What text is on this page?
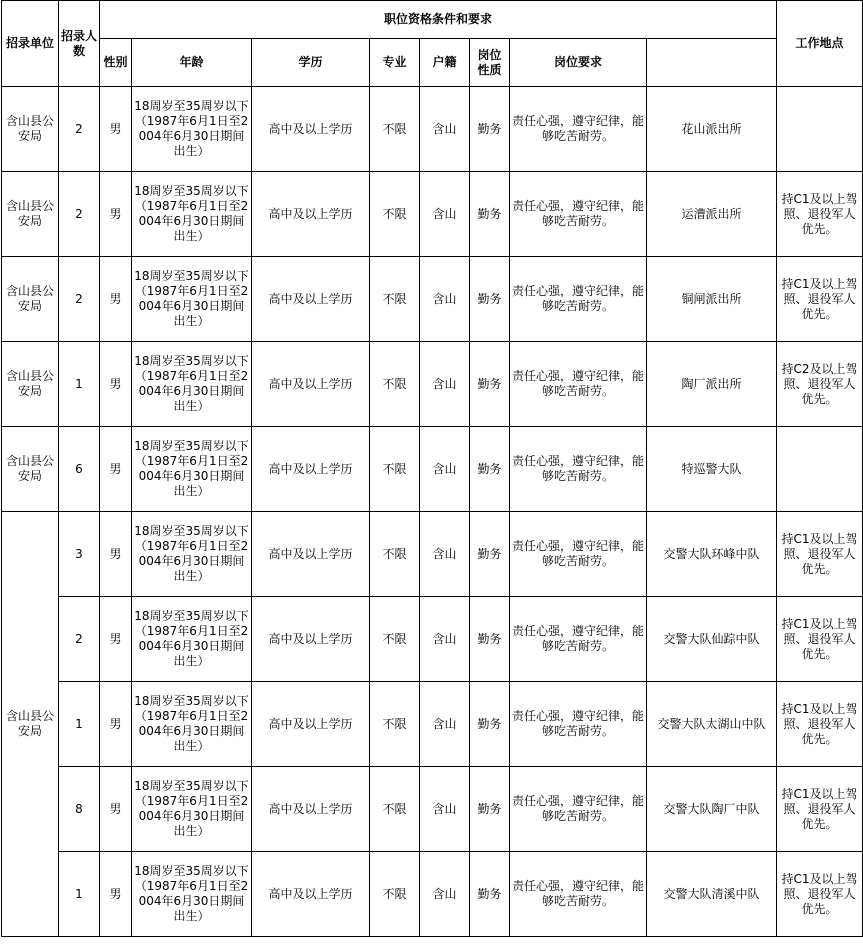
招录单位	招录人数	职位资格条件和要求								工作地点	
		性别	年龄	学历	专业	户籍	岗位性质	岗位要求			
含山县公安局	2	男	18周岁至35周岁以下（1987年6月1日至2004年6月30日期间出生）	高中及以上学历	不限	含山	勤务	责任心强，遵守纪律，能够吃苦耐劳。	花山派出所		
含山县公安局	2	男	18周岁至35周岁以下（1987年6月1日至2004年6月30日期间出生）	高中及以上学历	不限	含山	勤务	责任心强，遵守纪律，能够吃苦耐劳。	运漕派出所	持C1及以上驾照、退役军人优先。	
含山县公安局	2	男	18周岁至35周岁以下（1987年6月1日至2004年6月30日期间出生）	高中及以上学历	不限	含山	勤务	责任心强，遵守纪律，能够吃苦耐劳。	铜闸派出所	持C1及以上驾照、退役军人优先。	
含山县公安局	1	男	18周岁至35周岁以下（1987年6月1日至2004年6月30日期间出生）	高中及以上学历	不限	含山	勤务	责任心强，遵守纪律，能够吃苦耐劳。	陶厂派出所	持C2及以上驾照、退役军人优先。	
含山县公安局	6	男	18周岁至35周岁以下（1987年6月1日至2004年6月30日期间出生）	高中及以上学历	不限	含山	勤务	责任心强，遵守纪律，能够吃苦耐劳。	特巡警大队		
含山县公安局	3	男	18周岁至35周岁以下（1987年6月1日至2004年6月30日期间出生）	高中及以上学历	不限	含山	勤务	责任心强，遵守纪律，能够吃苦耐劳。	交警大队环峰中队	持C1及以上驾照、退役军人优先。	
	2	男	18周岁至35周岁以下（1987年6月1日至2004年6月30日期间出生）	高中及以上学历	不限	含山	勤务	责任心强，遵守纪律，能够吃苦耐劳。	交警大队仙踪中队	持C1及以上驾照、退役军人优先。	
	1	男	18周岁至35周岁以下（1987年6月1日至2004年6月30日期间出生）	高中及以上学历	不限	含山	勤务	责任心强，遵守纪律，能够吃苦耐劳。	交警大队太湖山中队	持C1及以上驾照、退役军人优先。	
	8	男	18周岁至35周岁以下（1987年6月1日至2004年6月30日期间出生）	高中及以上学历	不限	含山	勤务	责任心强，遵守纪律，能够吃苦耐劳。	交警大队陶厂中队	持C1及以上驾照、退役军人优先。	
	1	男	18周岁至35周岁以下（1987年6月1日至2004年6月30日期间出生）	高中及以上学历	不限	含山	勤务	责任心强，遵守纪律，能够吃苦耐劳。	交警大队清溪中队	持C1及以上驾照、退役军人优先。	
